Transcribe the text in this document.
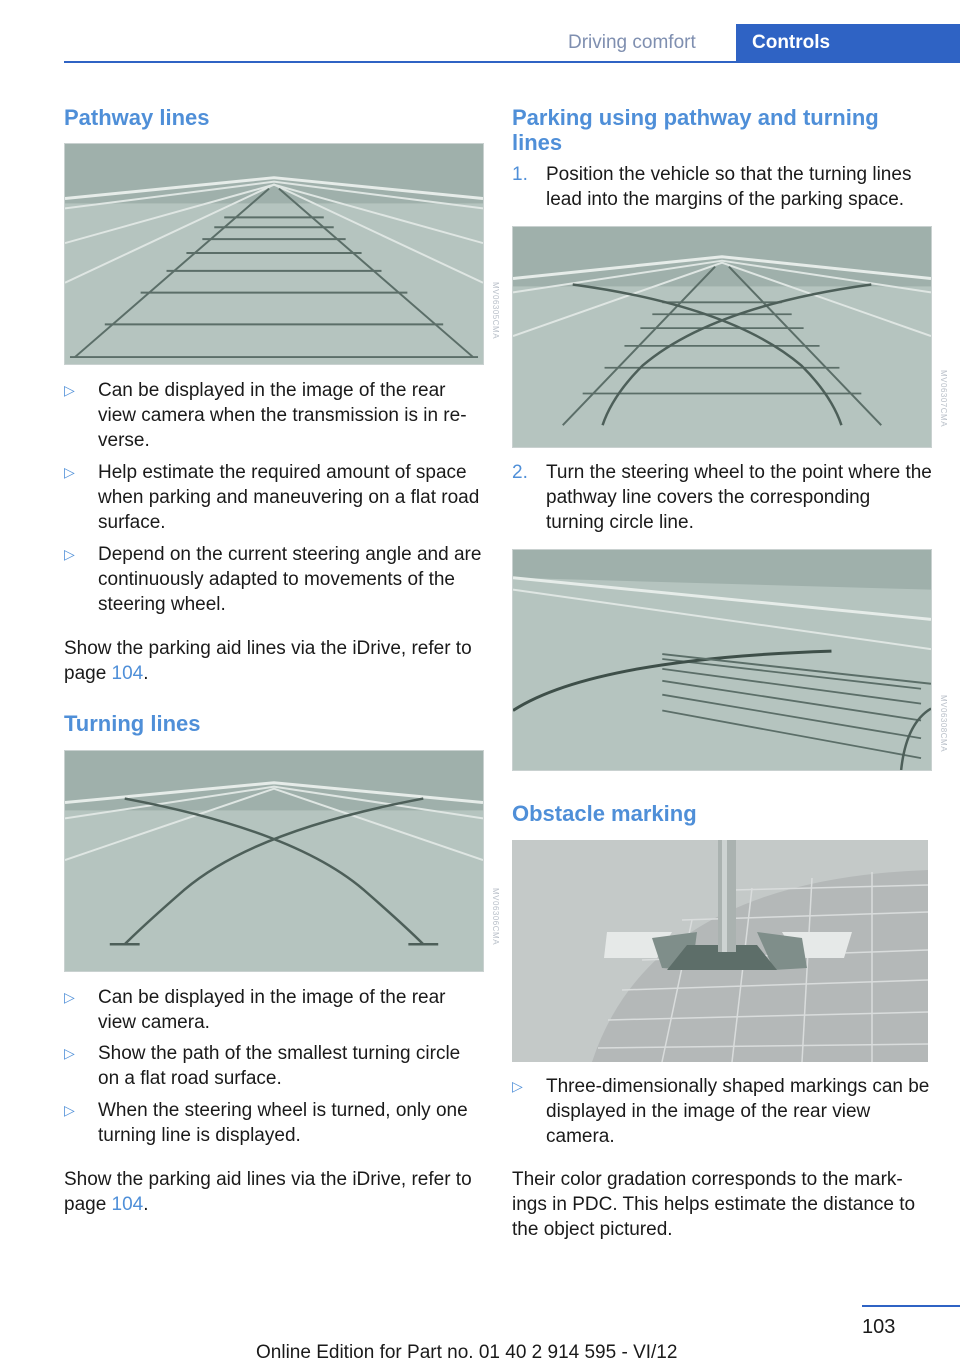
Driving comfort	Controls
Pathway lines
MV06305CMA
▷	Can be displayed in the image of the rear view camera when the transmission is in re‐verse.
▷	Help estimate the required amount of space when parking and maneuvering on a flat road surface.
▷	Depend on the current steering angle and are continuously adapted to movements of the steering wheel.
Show the parking aid lines via the iDrive, refer to page 104.
Turning lines
MV06306CMA
▷	Can be displayed in the image of the rear view camera.
▷	Show the path of the smallest turning circle on a flat road surface.
▷	When the steering wheel is turned, only one turning line is displayed.
Show the parking aid lines via the iDrive, refer to page 104.
Parking using pathway and turning lines
1. Position the vehicle so that the turning lines lead into the margins of the parking space.
MV06307CMA
2. Turn the steering wheel to the point where the pathway line covers the corresponding turning circle line.
MV06308CMA
Obstacle marking
▷	Three-dimensionally shaped markings can be displayed in the image of the rear view camera.
Their color gradation corresponds to the mark‐ings in PDC. This helps estimate the distance to the object pictured.
103
Online Edition for Part no. 01 40 2 914 595 - VI/12
